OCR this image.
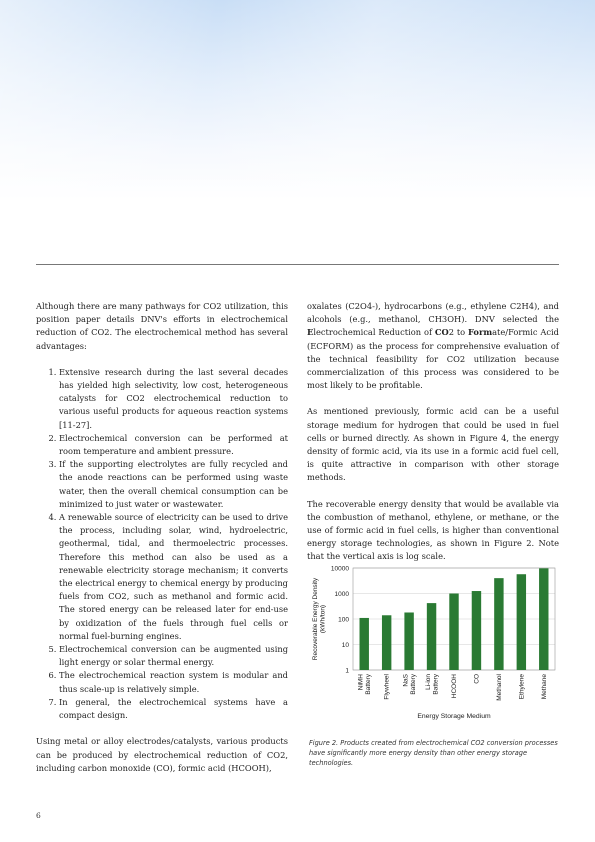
Although there are many pathways for CO2 utilization, this position paper details DNV's efforts in electrochemical reduction of CO2. The electrochemical method has several advantages:

1. Extensive research during the last several decades has yielded high selectivity, low cost, heterogeneous catalysts for CO2 electrochemical reduction to various useful products for aqueous reaction systems [11-27].
2. Electrochemical conversion can be performed at room temperature and ambient pressure.
3. If the supporting electrolytes are fully recycled and the anode reactions can be performed using waste water, then the overall chemical consumption can be minimized to just water or wastewater.
4. A renewable source of electricity can be used to drive the process, including solar, wind, hydroelectric, geothermal, tidal, and thermoelectric processes. Therefore this method can also be used as a renewable electricity storage mechanism; it converts the electrical energy to chemical energy by producing fuels from CO2, such as methanol and formic acid. The stored energy can be released later for end-use by oxidization of the fuels through fuel cells or normal fuel-burning engines.
5. Electrochemical conversion can be augmented using light energy or solar thermal energy.
6. The electrochemical reaction system is modular and thus scale-up is relatively simple.
7. In general, the electrochemical systems have a compact design.

Using metal or alloy electrodes/catalysts, various products can be produced by electrochemical reduction of CO2, including carbon monoxide (CO), formic acid (HCOOH),

oxalates (C2O4-), hydrocarbons (e.g., ethylene C2H4), and alcohols (e.g., methanol, CH3OH). DNV selected the Electrochemical Reduction of CO2 to Formate/Formic Acid (ECFORM) as the process for comprehensive evaluation of the technical feasibility for CO2 utilization because commercialization of this process was considered to be most likely to be profitable.

As mentioned previously, formic acid can be a useful storage medium for hydrogen that could be used in fuel cells or burned directly. As shown in Figure 4, the energy density of formic acid, via its use in a formic acid fuel cell, is quite attractive in comparison with other storage methods.

The recoverable energy density that would be available via the combustion of methanol, ethylene, or methane, or the use of formic acid in fuel cells, is higher than conventional energy storage technologies, as shown in Figure 2. Note that the vertical axis is log scale.

1
10
100
1000
10000
NiMHBattery Flywheel NaSBattery Li-ionBattery HCOOH CO Methanol Ethylene Methane
Recoverable Energy Density(kWh/ton)
Energy Storage Medium
Figure 2. Products created from electrochemical CO2 conversion processes have significantly more energy density than other energy storage technologies.
6
